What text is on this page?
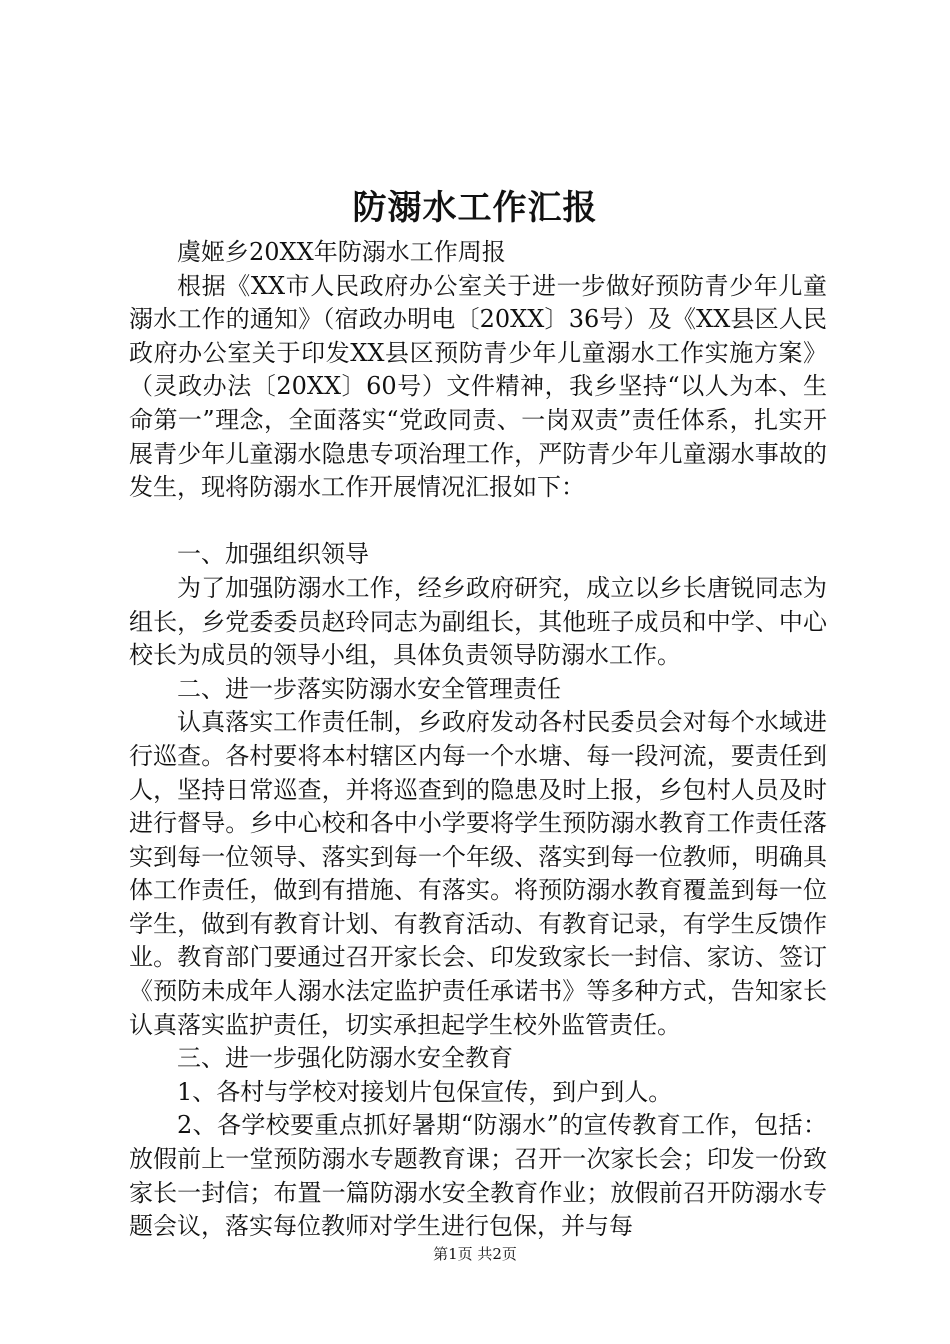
防溺水工作汇报

虞姬乡20XX年防溺水工作周报

根据《XX市人民政府办公室关于进一步做好预防青少年儿童溺水工作的通知》（宿政办明电〔20XX〕36号）及《XX县区人民政府办公室关于印发XX县区预防青少年儿童溺水工作实施方案》（灵政办法〔20XX〕60号）文件精神，我乡坚持“以人为本、生命第一”理念，全面落实“党政同责、一岗双责”责任体系，扎实开展青少年儿童溺水隐患专项治理工作，严防青少年儿童溺水事故的发生，现将防溺水工作开展情况汇报如下：

一、加强组织领导

为了加强防溺水工作，经乡政府研究，成立以乡长唐锐同志为组长，乡党委委员赵玲同志为副组长，其他班子成员和中学、中心校长为成员的领导小组，具体负责领导防溺水工作。

二、进一步落实防溺水安全管理责任

认真落实工作责任制，乡政府发动各村民委员会对每个水域进行巡查。各村要将本村辖区内每一个水塘、每一段河流，要责任到人，坚持日常巡查，并将巡查到的隐患及时上报，乡包村人员及时进行督导。乡中心校和各中小学要将学生预防溺水教育工作责任落实到每一位领导、落实到每一个年级、落实到每一位教师，明确具体工作责任，做到有措施、有落实。将预防溺水教育覆盖到每一位学生，做到有教育计划、有教育活动、有教育记录，有学生反馈作业。教育部门要通过召开家长会、印发致家长一封信、家访、签订《预防未成年人溺水法定监护责任承诺书》等多种方式，告知家长认真落实监护责任，切实承担起学生校外监管责任。

三、进一步强化防溺水安全教育

1、各村与学校对接划片包保宣传，到户到人。

2、各学校要重点抓好暑期“防溺水”的宣传教育工作，包括：放假前上一堂预防溺水专题教育课；召开一次家长会；印发一份致家长一封信；布置一篇防溺水安全教育作业；放假前召开防溺水专题会议，落实每位教师对学生进行包保，并与每

第1页 共2页
